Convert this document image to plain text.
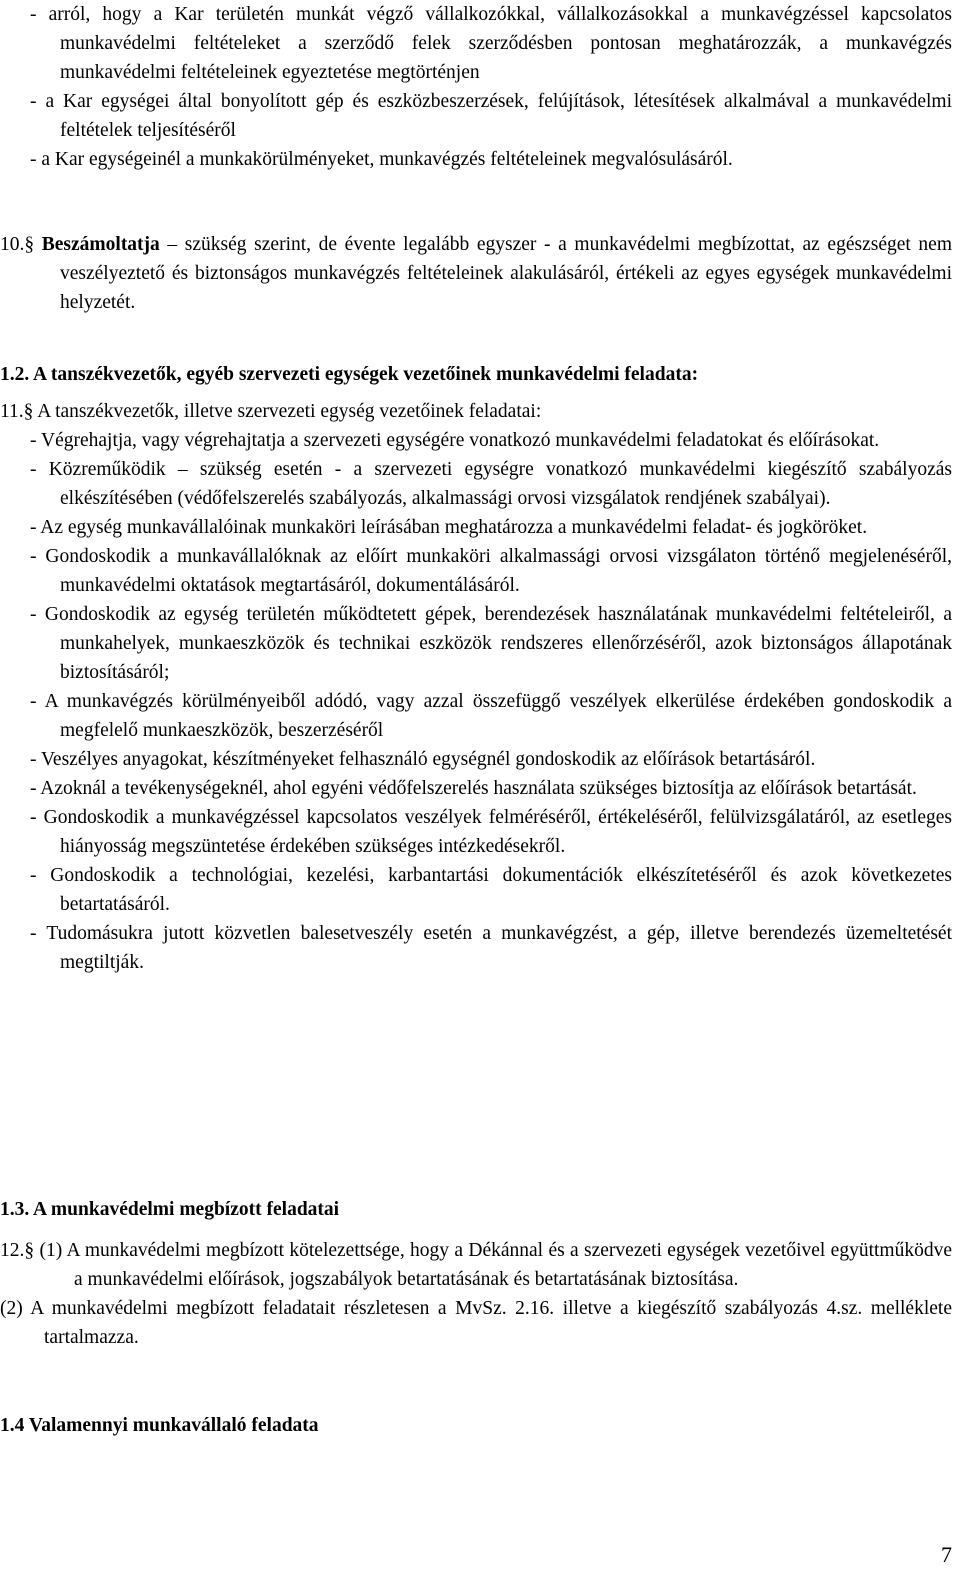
- arról, hogy a Kar területén munkát végző vállalkozókkal, vállalkozásokkal a munkavégzéssel kapcsolatos munkavédelmi feltételeket a szerződő felek szerződésben pontosan meghatározzák, a munkavégzés munkavédelmi feltételeinek egyeztetése megtörténjen

- a Kar egységei által bonyolított gép és eszközbeszerzések, felújítások, létesítések alkalmával a munkavédelmi feltételek teljesítéséről

- a Kar egységeinél a munkakörülményeket, munkavégzés feltételeinek megvalósulásáról.

10.§ Beszámoltatja – szükség szerint, de évente legalább egyszer - a munkavédelmi megbízottat, az egészséget nem veszélyeztető és biztonságos munkavégzés feltételeinek alakulásáról, értékeli az egyes egységek munkavédelmi helyzetét.

1.2. A tanszékvezetők, egyéb szervezeti egységek vezetőinek munkavédelmi feladata:

11.§ A tanszékvezetők, illetve szervezeti egység vezetőinek feladatai:

- Végrehajtja, vagy végrehajtatja a szervezeti egységére vonatkozó munkavédelmi feladatokat és előírásokat.

- Közreműködik – szükség esetén - a szervezeti egységre vonatkozó munkavédelmi kiegészítő szabályozás elkészítésében (védőfelszerelés szabályozás, alkalmassági orvosi vizsgálatok rendjének szabályai).

- Az egység munkavállalóinak munkaköri leírásában meghatározza a munkavédelmi feladat- és jogköröket.

- Gondoskodik a munkavállalóknak az előírt munkaköri alkalmassági orvosi vizsgálaton történő megjelenéséről, munkavédelmi oktatások megtartásáról, dokumentálásáról.

- Gondoskodik az egység területén működtetett gépek, berendezések használatának munkavédelmi feltételeiről, a munkahelyek, munkaeszközök és technikai eszközök rendszeres ellenőrzéséről, azok biztonságos állapotának biztosításáról;

- A munkavégzés körülményeiből adódó, vagy azzal összefüggő veszélyek elkerülése érdekében gondoskodik a megfelelő munkaeszközök, beszerzéséről

- Veszélyes anyagokat, készítményeket felhasználó egységnél gondoskodik az előírások betartásáról.

- Azoknál a tevékenységeknél, ahol egyéni védőfelszerelés használata szükséges biztosítja az előírások betartását.

- Gondoskodik a munkavégzéssel kapcsolatos veszélyek felméréséről, értékeléséről, felülvizsgálatáról, az esetleges hiányosság megszüntetése érdekében szükséges intézkedésekről.

- Gondoskodik a technológiai, kezelési, karbantartási dokumentációk elkészítetéséről és azok következetes betartatásáról.

- Tudomásukra jutott közvetlen balesetveszély esetén a munkavégzést, a gép, illetve berendezés üzemeltetését megtiltják.

1.3. A munkavédelmi megbízott feladatai

12.§ (1) A munkavédelmi megbízott kötelezettsége, hogy a Dékánnal és a szervezeti egységek vezetőivel együttműködve a munkavédelmi előírások, jogszabályok betartatásának és betartatásának biztosítása.

(2) A munkavédelmi megbízott feladatait részletesen a MvSz. 2.16. illetve a kiegészítő szabályozás 4.sz. melléklete tartalmazza.

1.4 Valamennyi munkavállaló feladata
7
